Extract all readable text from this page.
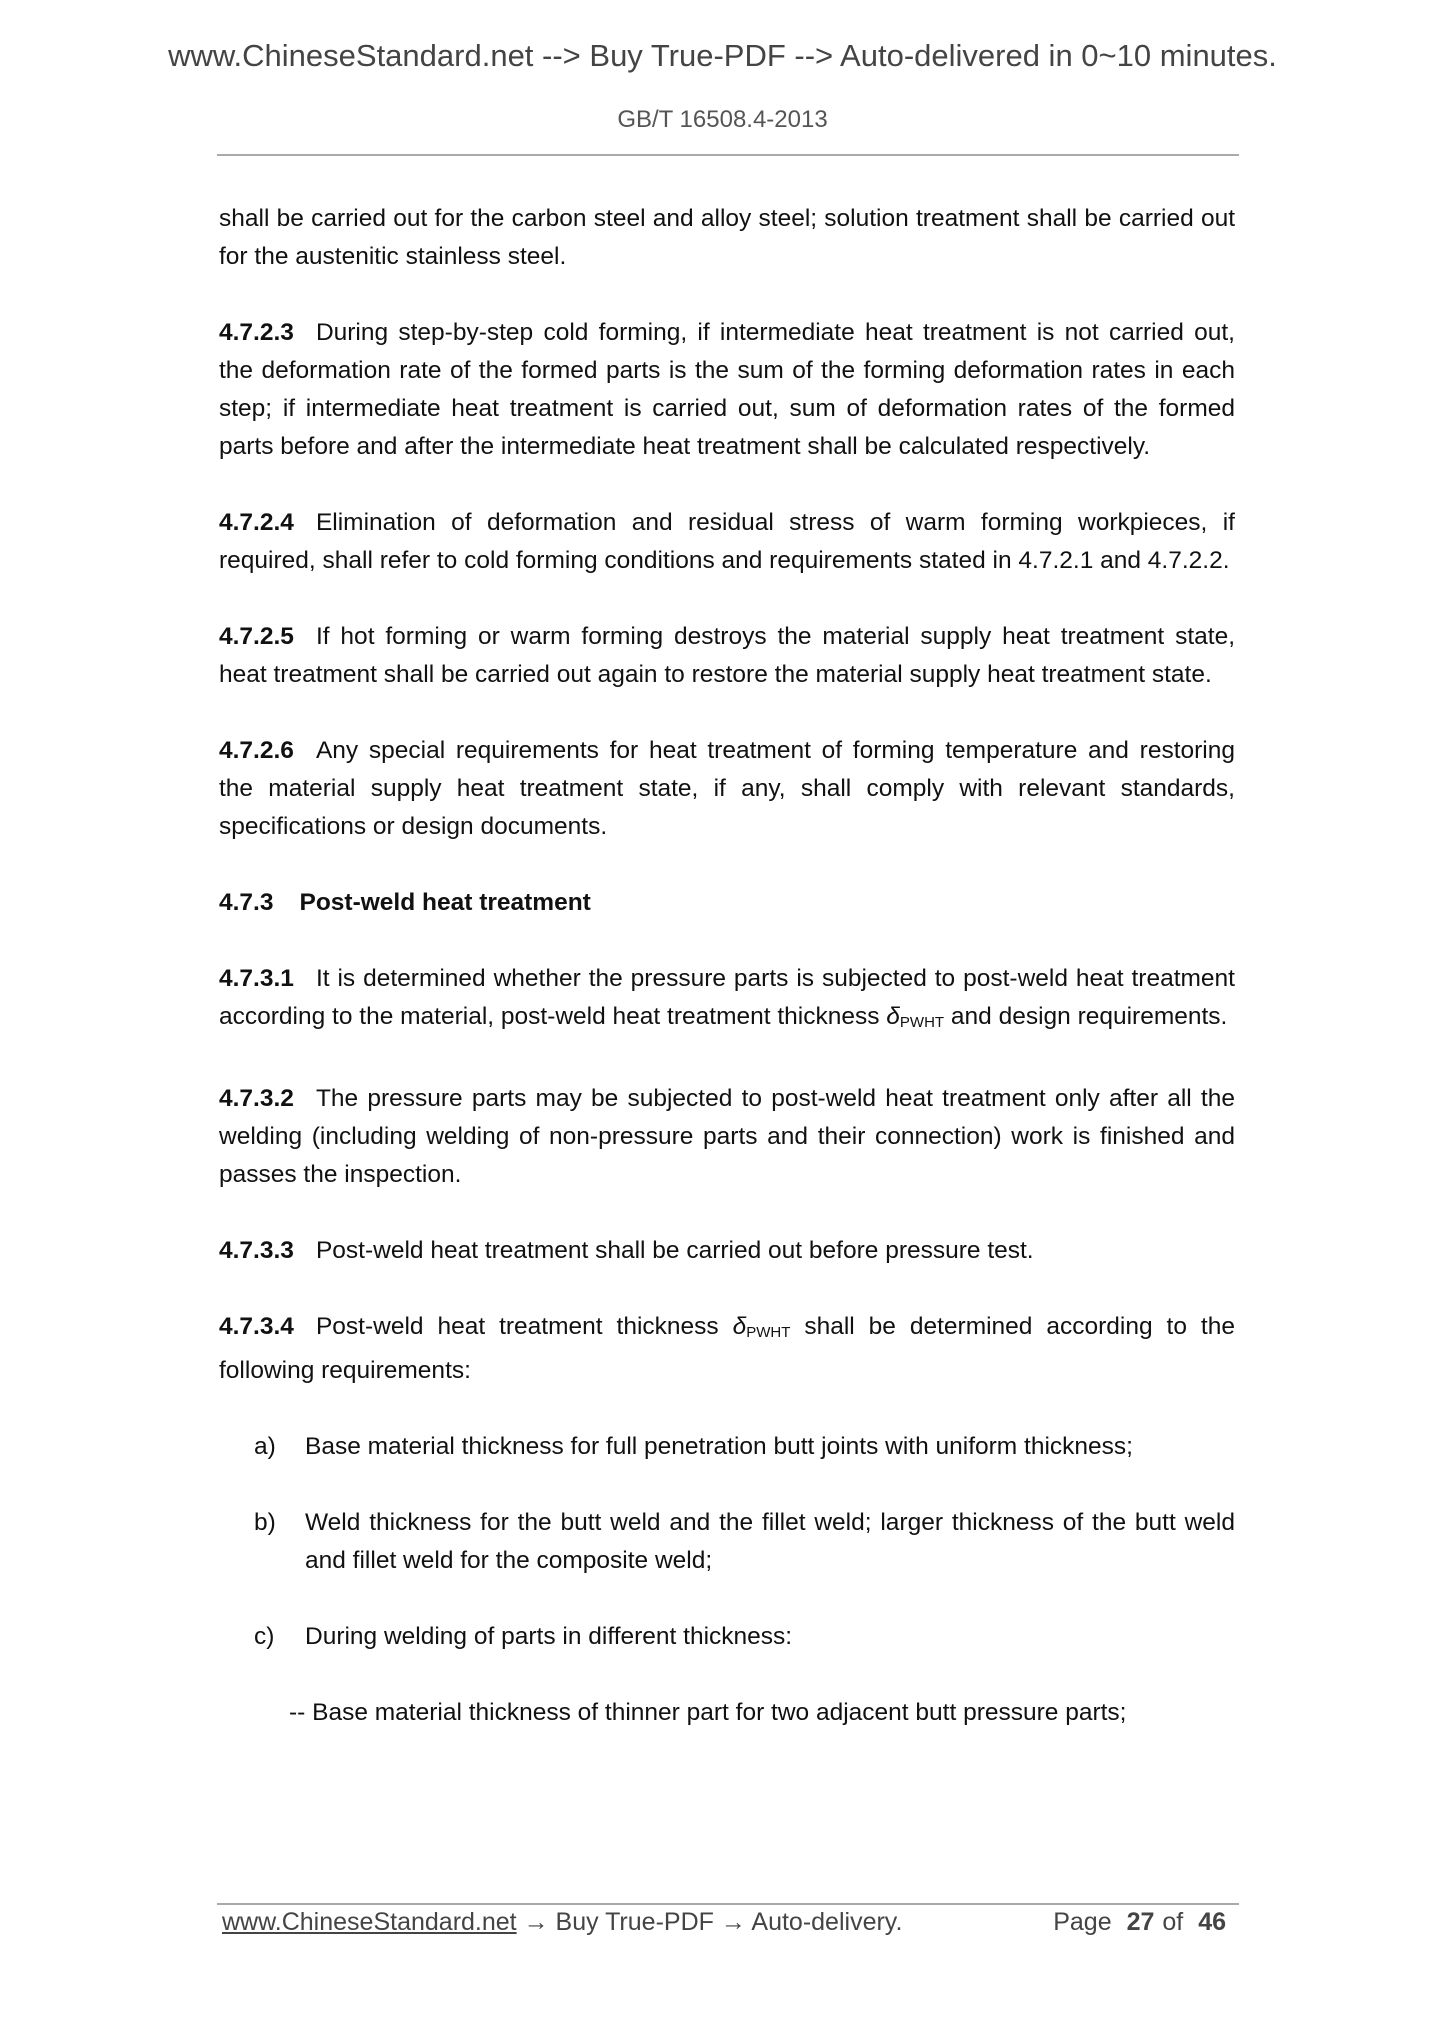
www.ChineseStandard.net --> Buy True-PDF --> Auto-delivered in 0~10 minutes.
GB/T 16508.4-2013

shall be carried out for the carbon steel and alloy steel; solution treatment shall be carried out for the austenitic stainless steel.

4.7.2.3 During step-by-step cold forming, if intermediate heat treatment is not carried out, the deformation rate of the formed parts is the sum of the forming deformation rates in each step; if intermediate heat treatment is carried out, sum of deformation rates of the formed parts before and after the intermediate heat treatment shall be calculated respectively.

4.7.2.4 Elimination of deformation and residual stress of warm forming workpieces, if required, shall refer to cold forming conditions and requirements stated in 4.7.2.1 and 4.7.2.2.

4.7.2.5 If hot forming or warm forming destroys the material supply heat treatment state, heat treatment shall be carried out again to restore the material supply heat treatment state.

4.7.2.6 Any special requirements for heat treatment of forming temperature and restoring the material supply heat treatment state, if any, shall comply with relevant standards, specifications or design documents.

4.7.3 Post-weld heat treatment

4.7.3.1 It is determined whether the pressure parts is subjected to post-weld heat treatment according to the material, post-weld heat treatment thickness $\delta_{PWHT}$ and design requirements.

4.7.3.2 The pressure parts may be subjected to post-weld heat treatment only after all the welding (including welding of non-pressure parts and their connection) work is finished and passes the inspection.

4.7.3.3 Post-weld heat treatment shall be carried out before pressure test.

4.7.3.4 Post-weld heat treatment thickness $\delta_{PWHT}$ shall be determined according to the following requirements:

a)	Base material thickness for full penetration butt joints with uniform thickness;

b)	Weld thickness for the butt weld and the fillet weld; larger thickness of the butt weld and fillet weld for the composite weld;

c)	During welding of parts in different thickness:

-- Base material thickness of thinner part for two adjacent butt pressure parts;

www.ChineseStandard.net → Buy True-PDF → Auto-delivery.	Page 27 of 46
